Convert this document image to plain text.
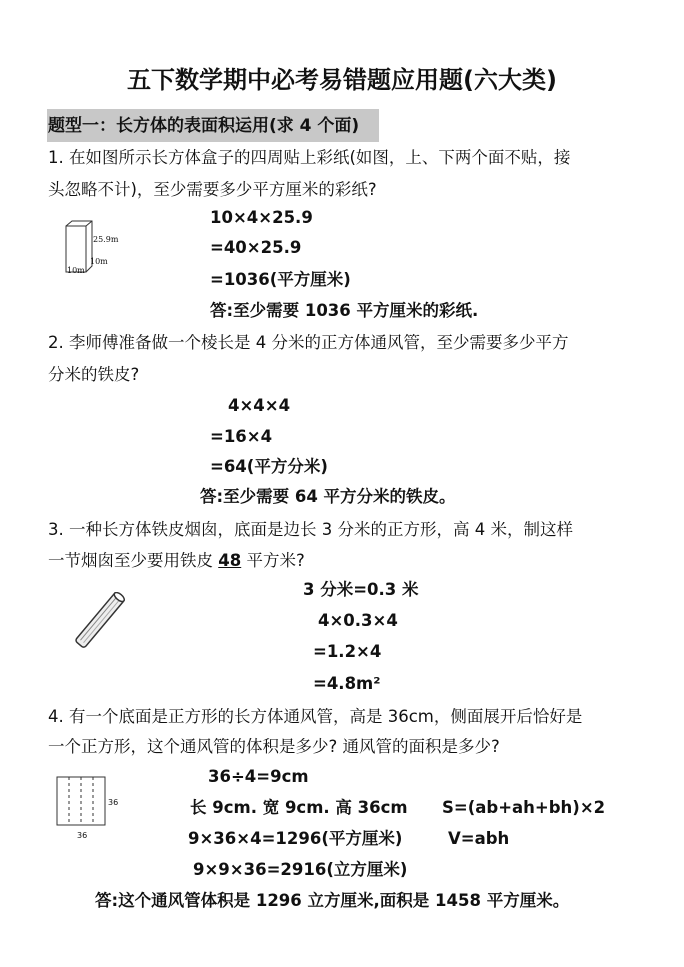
五下数学期中必考易错题应用题(六大类)
题型一：长方体的表面积运用(求 4 个面)
1. 在如图所示长方体盒子的四周贴上彩纸(如图，上、下两个面不贴，接
头忽略不计)，至少需要多少平方厘米的彩纸?
25.9m
10m
10m
10×4×25.9
=40×25.9
=1036(平方厘米)
答:至少需要 1036 平方厘米的彩纸.
2. 李师傅准备做一个棱长是 4 分米的正方体通风管，至少需要多少平方
分米的铁皮?
4×4×4
=16×4
=64(平方分米)
答:至少需要 64 平方分米的铁皮。
3. 一种长方体铁皮烟囱，底面是边长 3 分米的正方形，高 4 米，制这样
一节烟囱至少要用铁皮 48 平方米?
3 分米=0.3 米
4×0.3×4
=1.2×4
=4.8m²
4. 有一个底面是正方形的长方体通风管，高是 36cm，侧面展开后恰好是
一个正方形，这个通风管的体积是多少? 通风管的面积是多少?
36
36
36÷4=9cm
长 9cm. 宽 9cm. 高 36cm
9×36×4=1296(平方厘米)
9×9×36=2916(立方厘米)
S=(ab+ah+bh)×2
V=abh
答:这个通风管体积是 1296 立方厘米,面积是 1458 平方厘米。
